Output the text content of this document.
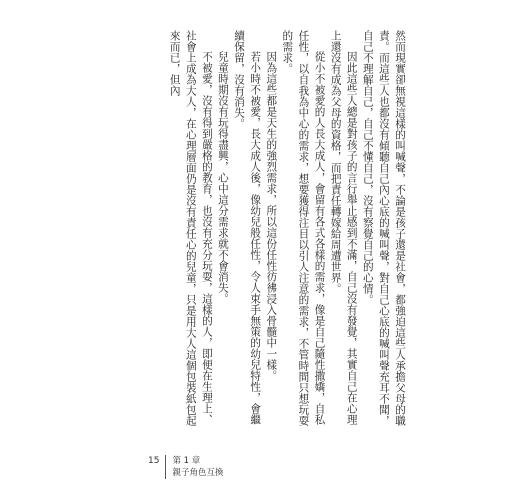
然而現實卻無視這樣的叫喊聲，不論是孩子還是社會，都強迫這些人承擔父母的職責。而這些人也都沒有傾聽自己內心底的喊叫聲，對自己心底的喊叫聲充耳不聞，自己不理解自己，自己不懂自己，沒有察覺自己的心情。

因此這些人總是對孩子的言行舉止感到不滿，自己沒有發覺，其實自己在心理上還沒有成為父母的資格，而把責任轉嫁給周遭世界。

從小不被愛的人長大成人，會留有各式各樣的需求，像是自己隨性撒嬌，自私任性，以自我為中心的需求，想要獲得注目以引人注意的需求，不管時間只想玩耍的需求。

因為這些都是天生的強烈需求，所以這份任性彷彿浸入骨髓中一樣。

若小時不被愛，長大成人後，像幼兒般任性，令人束手無策的幼兒特性，會繼續保留，沒有消失。

兒童時期沒有玩得盡興，心中這分需求就不會消失。

不被愛，沒有得到嚴格的教育，也沒有充分玩耍，這樣的人，即便在生理上、社會上成為大人，在心理層面仍是沒有責任心的兒童，只是用大人這個包裝紙包起來而已，但內

15 第 1 章
親子角色互換
